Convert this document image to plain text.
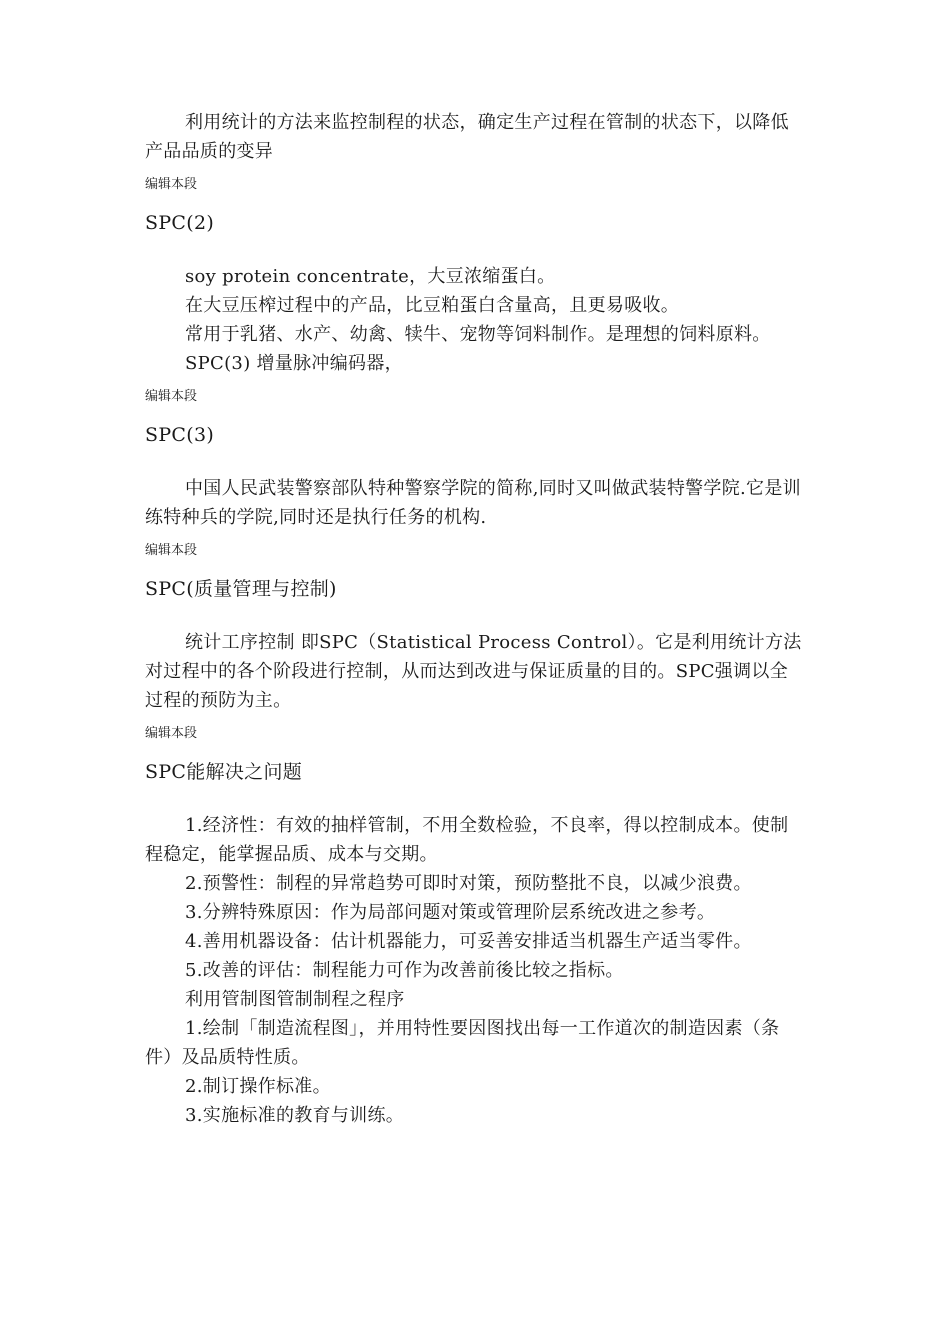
利用统计的方法来监控制程的状态，确定生产过程在管制的状态下，以降低产品品质的变异

编辑本段
SPC(2)

soy protein concentrate，大豆浓缩蛋白。

在大豆压榨过程中的产品，比豆粕蛋白含量高，且更易吸收。

常用于乳猪、水产、幼禽、犊牛、宠物等饲料制作。是理想的饲料原料。

SPC(3) 增量脉冲编码器，

编辑本段
SPC(3)

中国人民武装警察部队特种警察学院的简称,同时又叫做武装特警学院.它是训练特种兵的学院,同时还是执行任务的机构.

编辑本段
SPC(质量管理与控制)

统计工序控制 即SPC（Statistical Process Control）。它是利用统计方法对过程中的各个阶段进行控制，从而达到改进与保证质量的目的。SPC强调以全过程的预防为主。

编辑本段
SPC能解决之问题

1.经济性：有效的抽样管制，不用全数检验，不良率，得以控制成本。使制程稳定，能掌握品质、成本与交期。

2.预警性：制程的异常趋势可即时对策，预防整批不良，以减少浪费。

3.分辨特殊原因：作为局部问题对策或管理阶层系统改进之参考。

4.善用机器设备：估计机器能力，可妥善安排适当机器生产适当零件。

5.改善的评估：制程能力可作为改善前後比较之指标。

利用管制图管制制程之程序

1.绘制「制造流程图」，并用特性要因图找出每一工作道次的制造因素（条件）及品质特性质。

2.制订操作标准。

3.实施标准的教育与训练。
